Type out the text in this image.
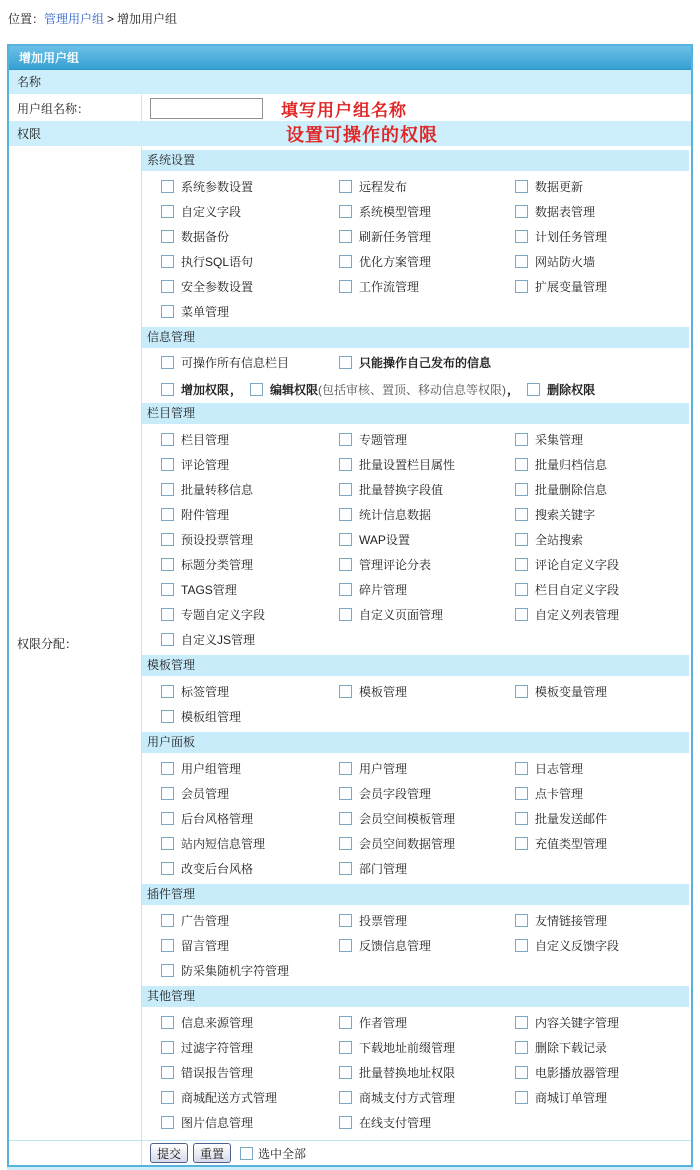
位置：管理用户组 > 增加用户组
增加用户组
名称
用户组名称：	填写用户组名称
权限	设置可操作的权限
权限分配：
系统设置
系统参数设置	远程发布	数据更新
自定义字段	系统模型管理	数据表管理
数据备份	刷新任务管理	计划任务管理
执行SQL语句	优化方案管理	网站防火墙
安全参数设置	工作流管理	扩展变量管理
菜单管理
信息管理
可操作所有信息栏目	只能操作自己发布的信息
增加权限 ， 编辑权限 (包括审核、置顶、移动信息等权限) ， 删除权限
栏目管理
栏目管理	专题管理	采集管理
评论管理	批量设置栏目属性	批量归档信息
批量转移信息	批量替换字段值	批量删除信息
附件管理	统计信息数据	搜索关键字
预设投票管理	WAP设置	全站搜索
标题分类管理	管理评论分表	评论自定义字段
TAGS管理	碎片管理	栏目自定义字段
专题自定义字段	自定义页面管理	自定义列表管理
自定义JS管理
模板管理
标签管理	模板管理	模板变量管理
模板组管理
用户面板
用户组管理	用户管理	日志管理
会员管理	会员字段管理	点卡管理
后台风格管理	会员空间模板管理	批量发送邮件
站内短信息管理	会员空间数据管理	充值类型管理
改变后台风格	部门管理
插件管理
广告管理	投票管理	友情链接管理
留言管理	反馈信息管理	自定义反馈字段
防采集随机字符管理
其他管理
信息来源管理	作者管理	内容关键字管理
过滤字符管理	下载地址前缀管理	删除下载记录
错误报告管理	批量替换地址权限	电影播放器管理
商城配送方式管理	商城支付方式管理	商城订单管理
图片信息管理	在线支付管理
提交	重置	选中全部
